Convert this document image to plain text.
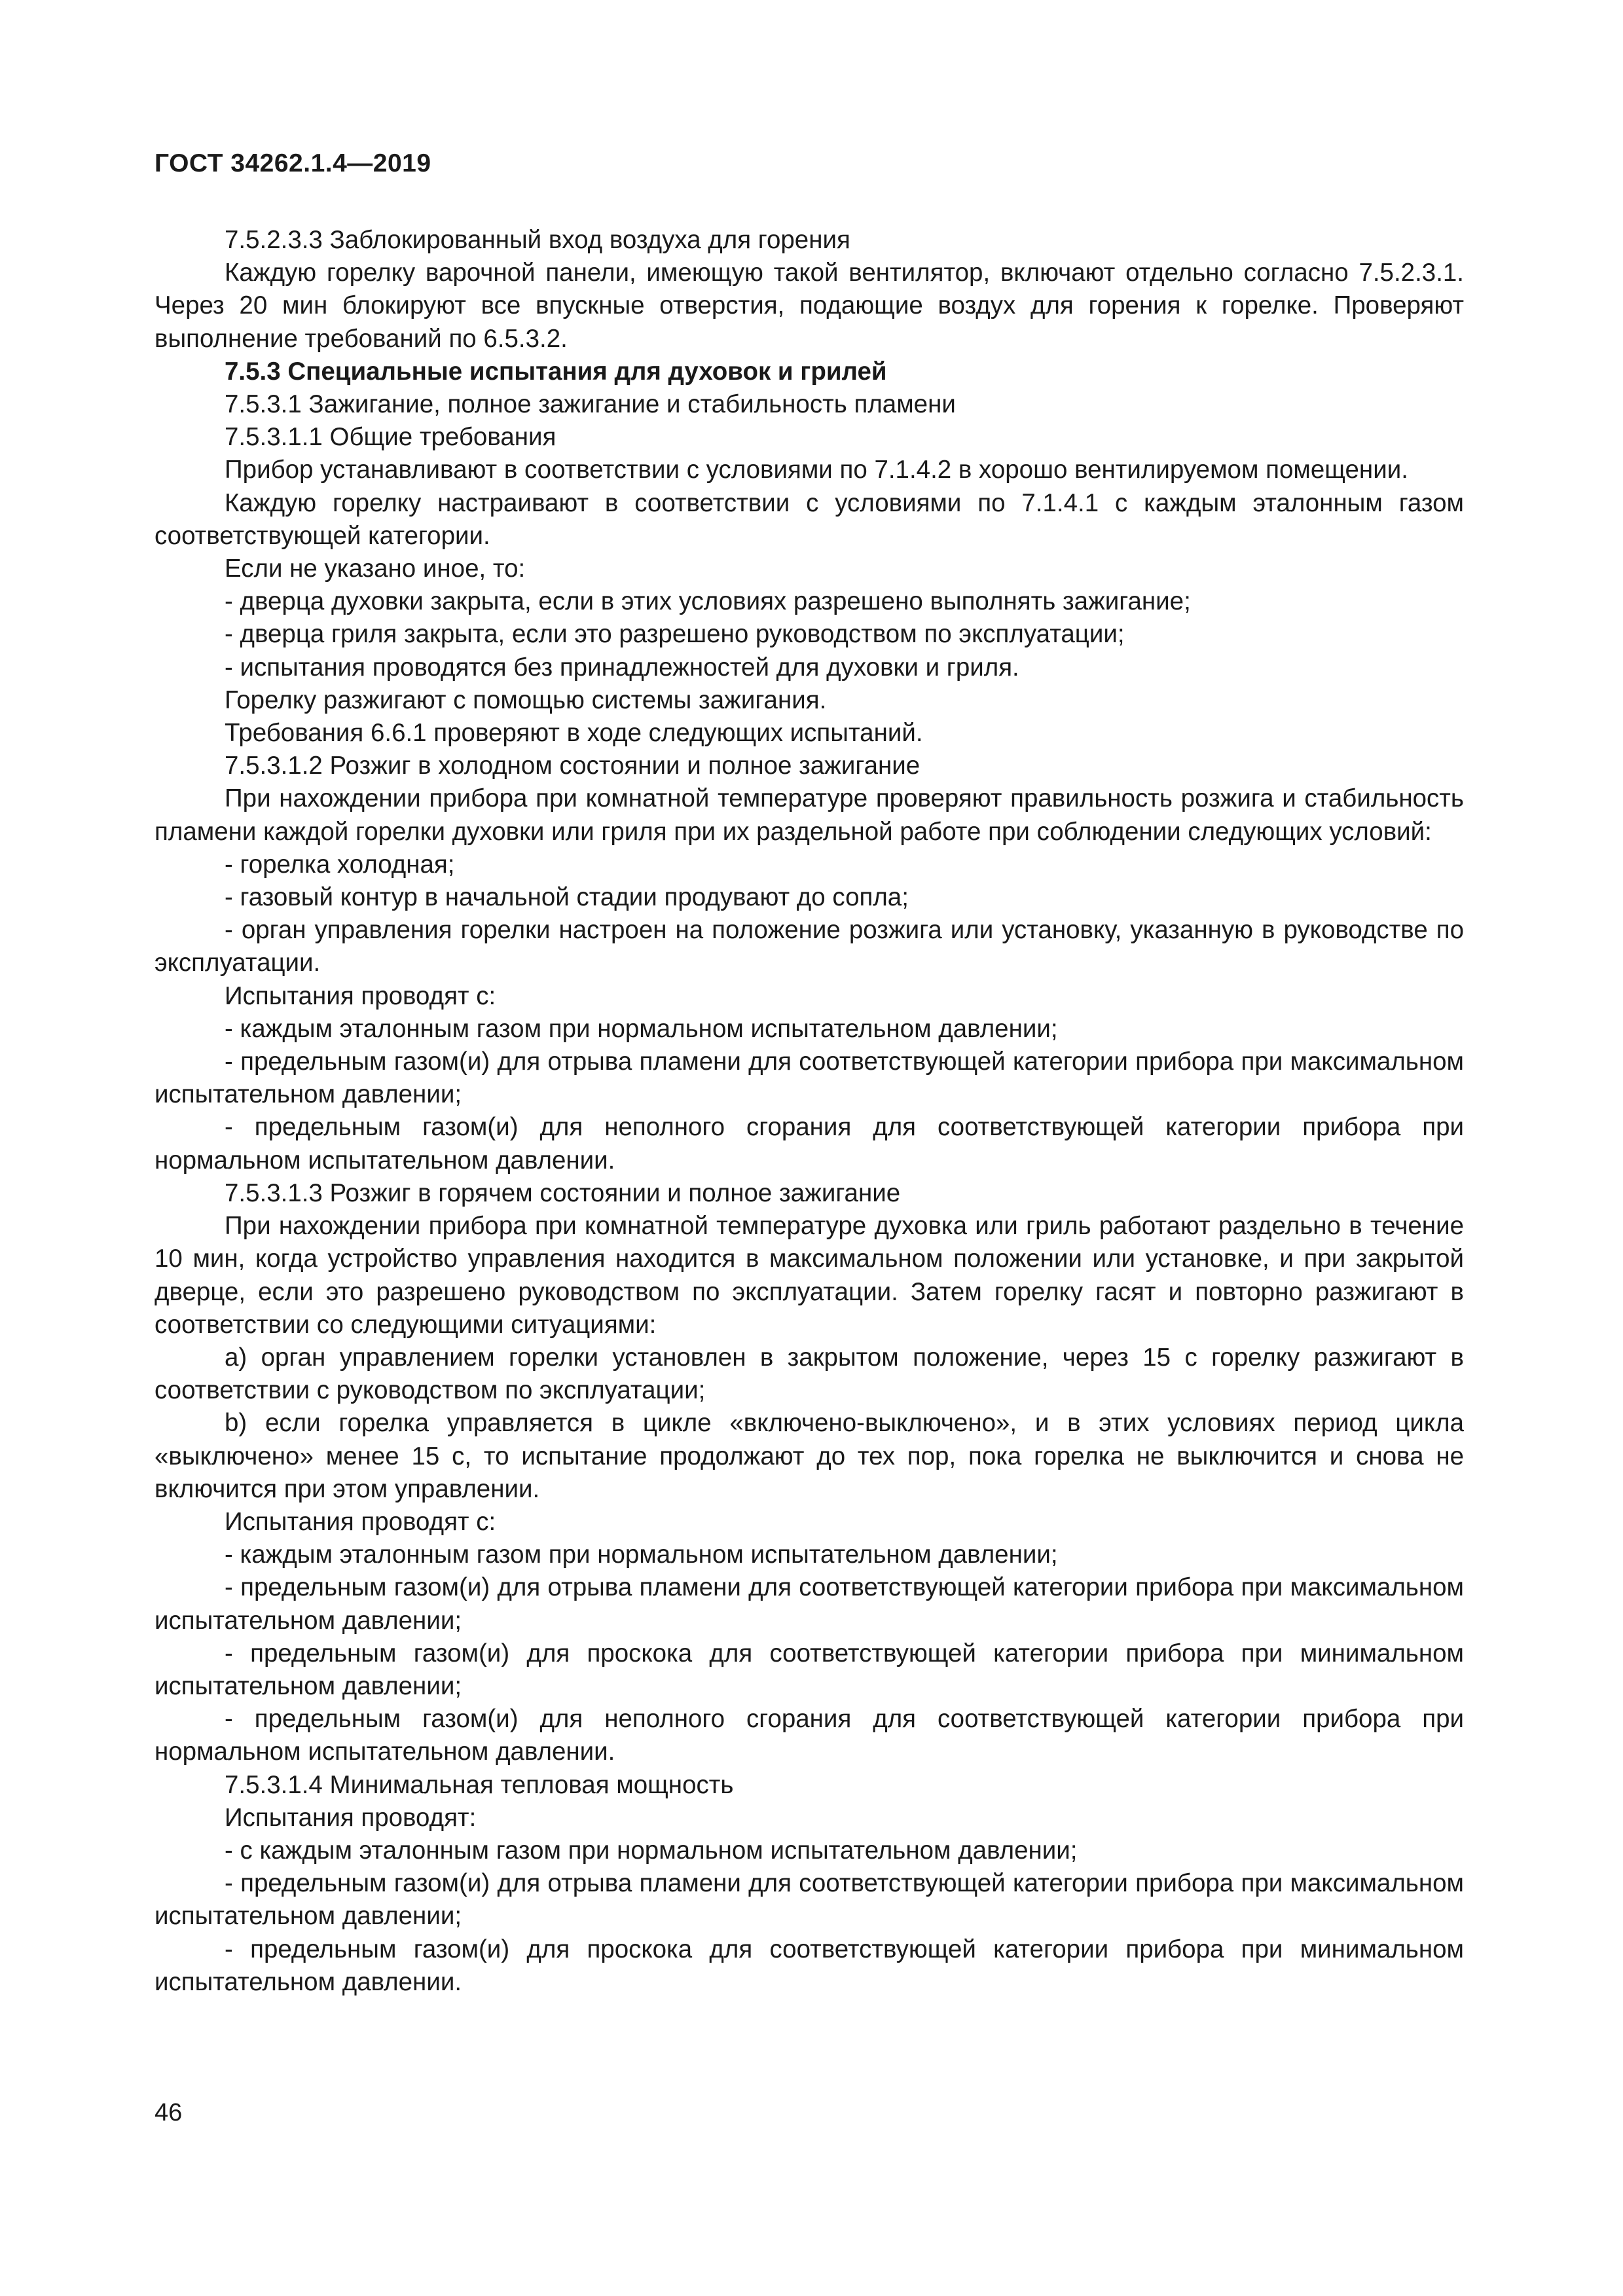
ГОСТ 34262.1.4—2019

7.5.2.3.3 Заблокированный вход воздуха для горения

Каждую горелку варочной панели, имеющую такой вентилятор, включают отдельно согласно 7.5.2.3.1. Через 20 мин блокируют все впускные отверстия, подающие воздух для горения к горелке. Проверяют выполнение требований по 6.5.3.2.

7.5.3 Специальные испытания для духовок и грилей

7.5.3.1 Зажигание, полное зажигание и стабильность пламени

7.5.3.1.1 Общие требования

Прибор устанавливают в соответствии с условиями по 7.1.4.2 в хорошо вентилируемом помещении.

Каждую горелку настраивают в соответствии с условиями по 7.1.4.1 с каждым эталонным газом соответствующей категории.

Если не указано иное, то:

- дверца духовки закрыта, если в этих условиях разрешено выполнять зажигание;

- дверца гриля закрыта, если это разрешено руководством по эксплуатации;

- испытания проводятся без принадлежностей для духовки и гриля.

Горелку разжигают с помощью системы зажигания.

Требования 6.6.1 проверяют в ходе следующих испытаний.

7.5.3.1.2 Розжиг в холодном состоянии и полное зажигание

При нахождении прибора при комнатной температуре проверяют правильность розжига и стабильность пламени каждой горелки духовки или гриля при их раздельной работе при соблюдении следующих условий:

- горелка холодная;

- газовый контур в начальной стадии продувают до сопла;

- орган управления горелки настроен на положение розжига или установку, указанную в руководстве по эксплуатации.

Испытания проводят с:

- каждым эталонным газом при нормальном испытательном давлении;

- предельным газом(и) для отрыва пламени для соответствующей категории прибора при максимальном испытательном давлении;

- предельным газом(и) для неполного сгорания для соответствующей категории прибора при нормальном испытательном давлении.

7.5.3.1.3 Розжиг в горячем состоянии и полное зажигание

При нахождении прибора при комнатной температуре духовка или гриль работают раздельно в течение 10 мин, когда устройство управления находится в максимальном положении или установке, и при закрытой дверце, если это разрешено руководством по эксплуатации. Затем горелку гасят и повторно разжигают в соответствии со следующими ситуациями:

a) орган управлением горелки установлен в закрытом положение, через 15 с горелку разжигают в соответствии с руководством по эксплуатации;

b) если горелка управляется в цикле «включено-выключено», и в этих условиях период цикла «выключено» менее 15 с, то испытание продолжают до тех пор, пока горелка не выключится и снова не включится при этом управлении.

Испытания проводят с:

- каждым эталонным газом при нормальном испытательном давлении;

- предельным газом(и) для отрыва пламени для соответствующей категории прибора при максимальном испытательном давлении;

- предельным газом(и) для проскока для соответствующей категории прибора при минимальном испытательном давлении;

- предельным газом(и) для неполного сгорания для соответствующей категории прибора при нормальном испытательном давлении.

7.5.3.1.4 Минимальная тепловая мощность

Испытания проводят:

- с каждым эталонным газом при нормальном испытательном давлении;

- предельным газом(и) для отрыва пламени для соответствующей категории прибора при максимальном испытательном давлении;

- предельным газом(и) для проскока для соответствующей категории прибора при минимальном испытательном давлении.

46
